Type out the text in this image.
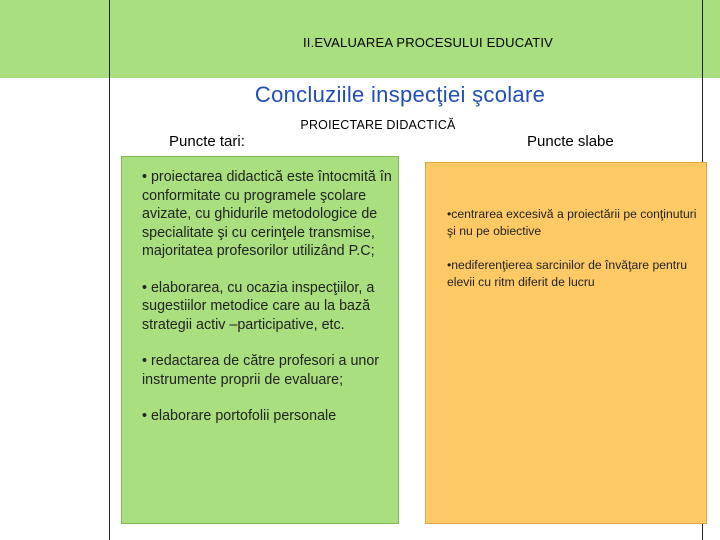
II.EVALUAREA PROCESULUI EDUCATIV
Concluziile inspecţiei şcolare
PROIECTARE DIDACTICĂ
Puncte tari:	Puncte slabe
• proiectarea didactică este întocmită în conformitate cu programele şcolare avizate, cu ghidurile metodologice de specialitate şi cu cerinţele transmise, majoritatea profesorilor utilizând P.C;
• elaborarea, cu ocazia inspecţiilor, a sugestiilor metodice care au la bază strategii activ –participative, etc.
• redactarea de către profesori a unor instrumente proprii de evaluare;
• elaborare portofolii personale
•centrarea excesivă a proiectării pe conţinuturi şi nu pe obiective
•nediferenţierea sarcinilor de învăţare pentru elevii cu ritm diferit de lucru
